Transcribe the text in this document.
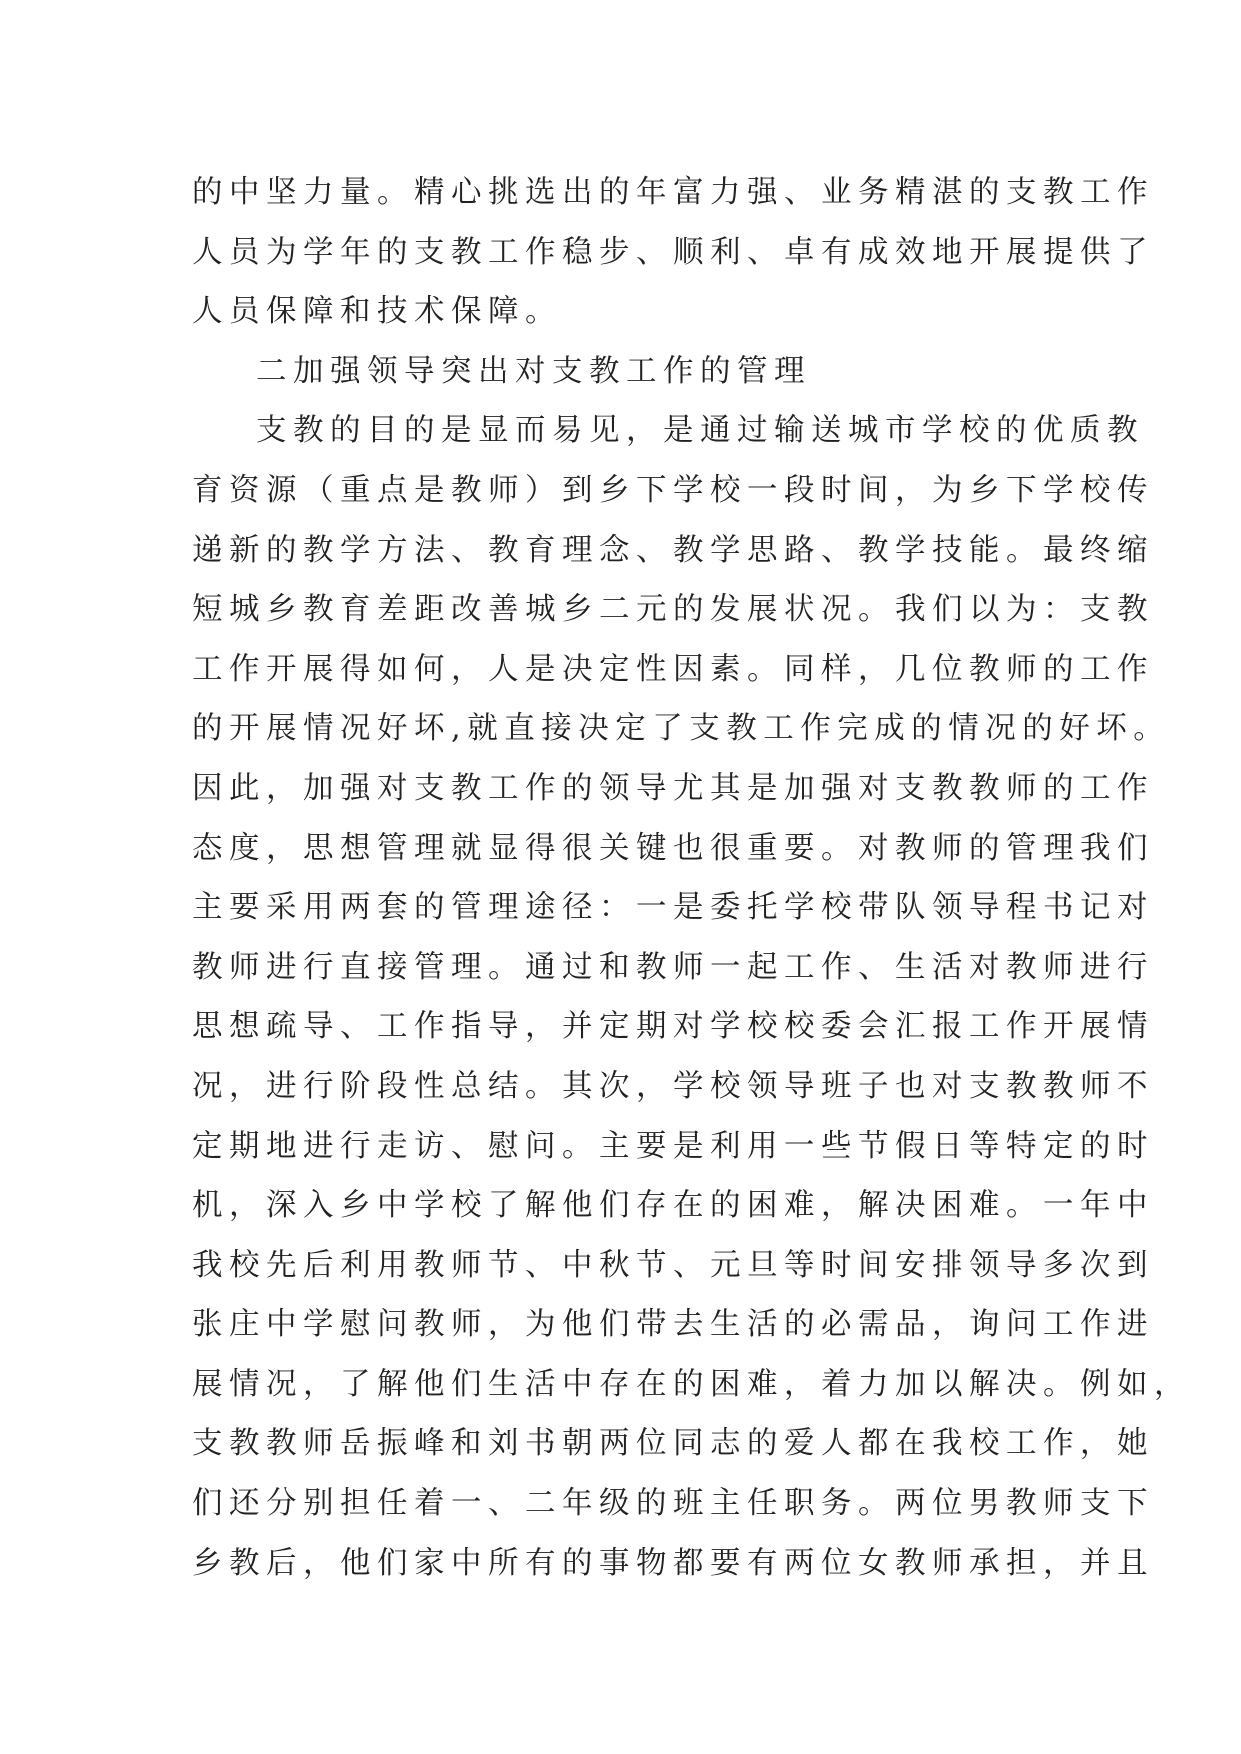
的中坚力量。精心挑选出的年富力强、业务精湛的支教工作
人员为学年的支教工作稳步、顺利、卓有成效地开展提供了
人员保障和技术保障。
二加强领导突出对支教工作的管理
支教的目的是显而易见，是通过输送城市学校的优质教
育资源（重点是教师）到乡下学校一段时间，为乡下学校传
递新的教学方法、教育理念、教学思路、教学技能。最终缩
短城乡教育差距改善城乡二元的发展状况。我们以为：支教
工作开展得如何，人是决定性因素。同样，几位教师的工作
的开展情况好坏,就直接决定了支教工作完成的情况的好坏。
因此，加强对支教工作的领导尤其是加强对支教教师的工作
态度，思想管理就显得很关键也很重要。对教师的管理我们
主要采用两套的管理途径：一是委托学校带队领导程书记对
教师进行直接管理。通过和教师一起工作、生活对教师进行
思想疏导、工作指导，并定期对学校校委会汇报工作开展情
况，进行阶段性总结。其次，学校领导班子也对支教教师不
定期地进行走访、慰问。主要是利用一些节假日等特定的时
机，深入乡中学校了解他们存在的困难，解决困难。一年中
我校先后利用教师节、中秋节、元旦等时间安排领导多次到
张庄中学慰问教师，为他们带去生活的必需品，询问工作进
展情况，了解他们生活中存在的困难，着力加以解决。例如，
支教教师岳振峰和刘书朝两位同志的爱人都在我校工作，她
们还分别担任着一、二年级的班主任职务。两位男教师支下
乡教后，他们家中所有的事物都要有两位女教师承担，并且
